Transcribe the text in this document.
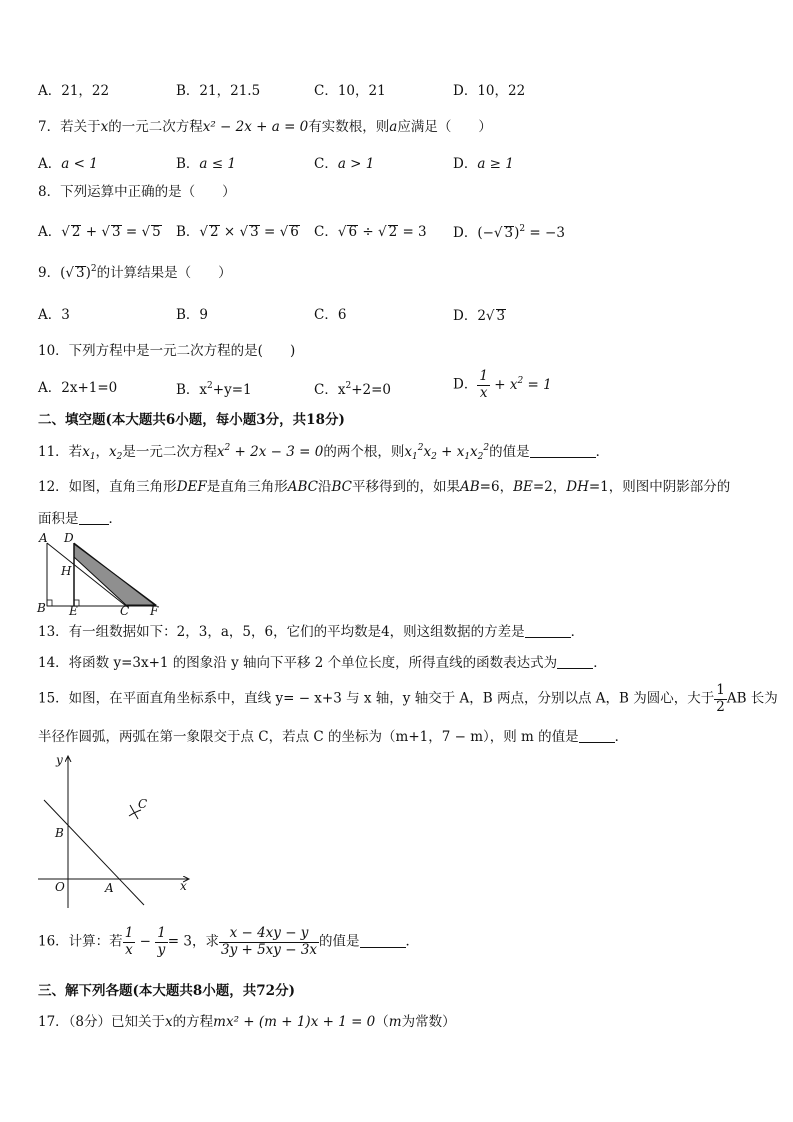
A．21，22	B．21，21.5	C．10，21	D．10，22
7．若关于x的一元二次方程x² − 2x + a = 0有实数根，则a应满足（　　）
A．a < 1	B．a ≤ 1	C．a > 1	D．a ≥ 1
8．下列运算中正确的是（　　）
A．√ 2 + √ 3 = √ 5 B．√ 2 × √ 3 = √ 6 C．√ 6 ÷ √ 2 = 3 D．(−√ 3)$^2$ = −3
9．(√ 3)$^2$的计算结果是（　　）
A．3	B．9	C．6	D．2√ 3
10．下列方程中是一元二次方程的是(　　)
A．2x+1=0	B．$x^2+y=1$	C．$x^2+2=0$	D． $\frac{1}{x} + x^2 = 1$
二、填空题(本大题共6小题，每小题3分，共18分)
11．若$x_1$，$x_2$是一元二次方程$x^2 + 2x - 3 = 0$的两个根，则$x_1^2x_2 + x_1x_2^2$的值是	．
12．如图，直角三角形DEF是直角三角形ABC沿BC平移得到的，如果AB=6，BE=2，DH=1，则图中阴影部分的
面积是 ．
A D
H
B E	C F
13．有一组数据如下：2，3，a，5，6，它们的平均数是4，则这组数据的方差是	．
14．将函数 y=3x+1 的图象沿 y 轴向下平移 2 个单位长度，所得直线的函数表达式为	．
15．如图，在平面直角坐标系中，直线 y= − x+3 与 x 轴，y 轴交于 A，B 两点，分别以点 A，B 为圆心，大于 $\frac{1}{2}$ AB 长为
半径作圆弧，两弧在第一象限交于点 C，若点 C 的坐标为（m+1，7 − m），则 m 的值是	．
y
x
O	A
B
C
16．计算：若 $\frac{1}{x} - \frac{1}{y} = 3$，求 $\frac{x - 4xy - y}{3y + 5xy - 3x}$ 的值是	．
三、解下列各题(本大题共8小题，共72分)
17．（8分）已知关于x的方程mx² + (m + 1)x + 1 = 0（m为常数）
